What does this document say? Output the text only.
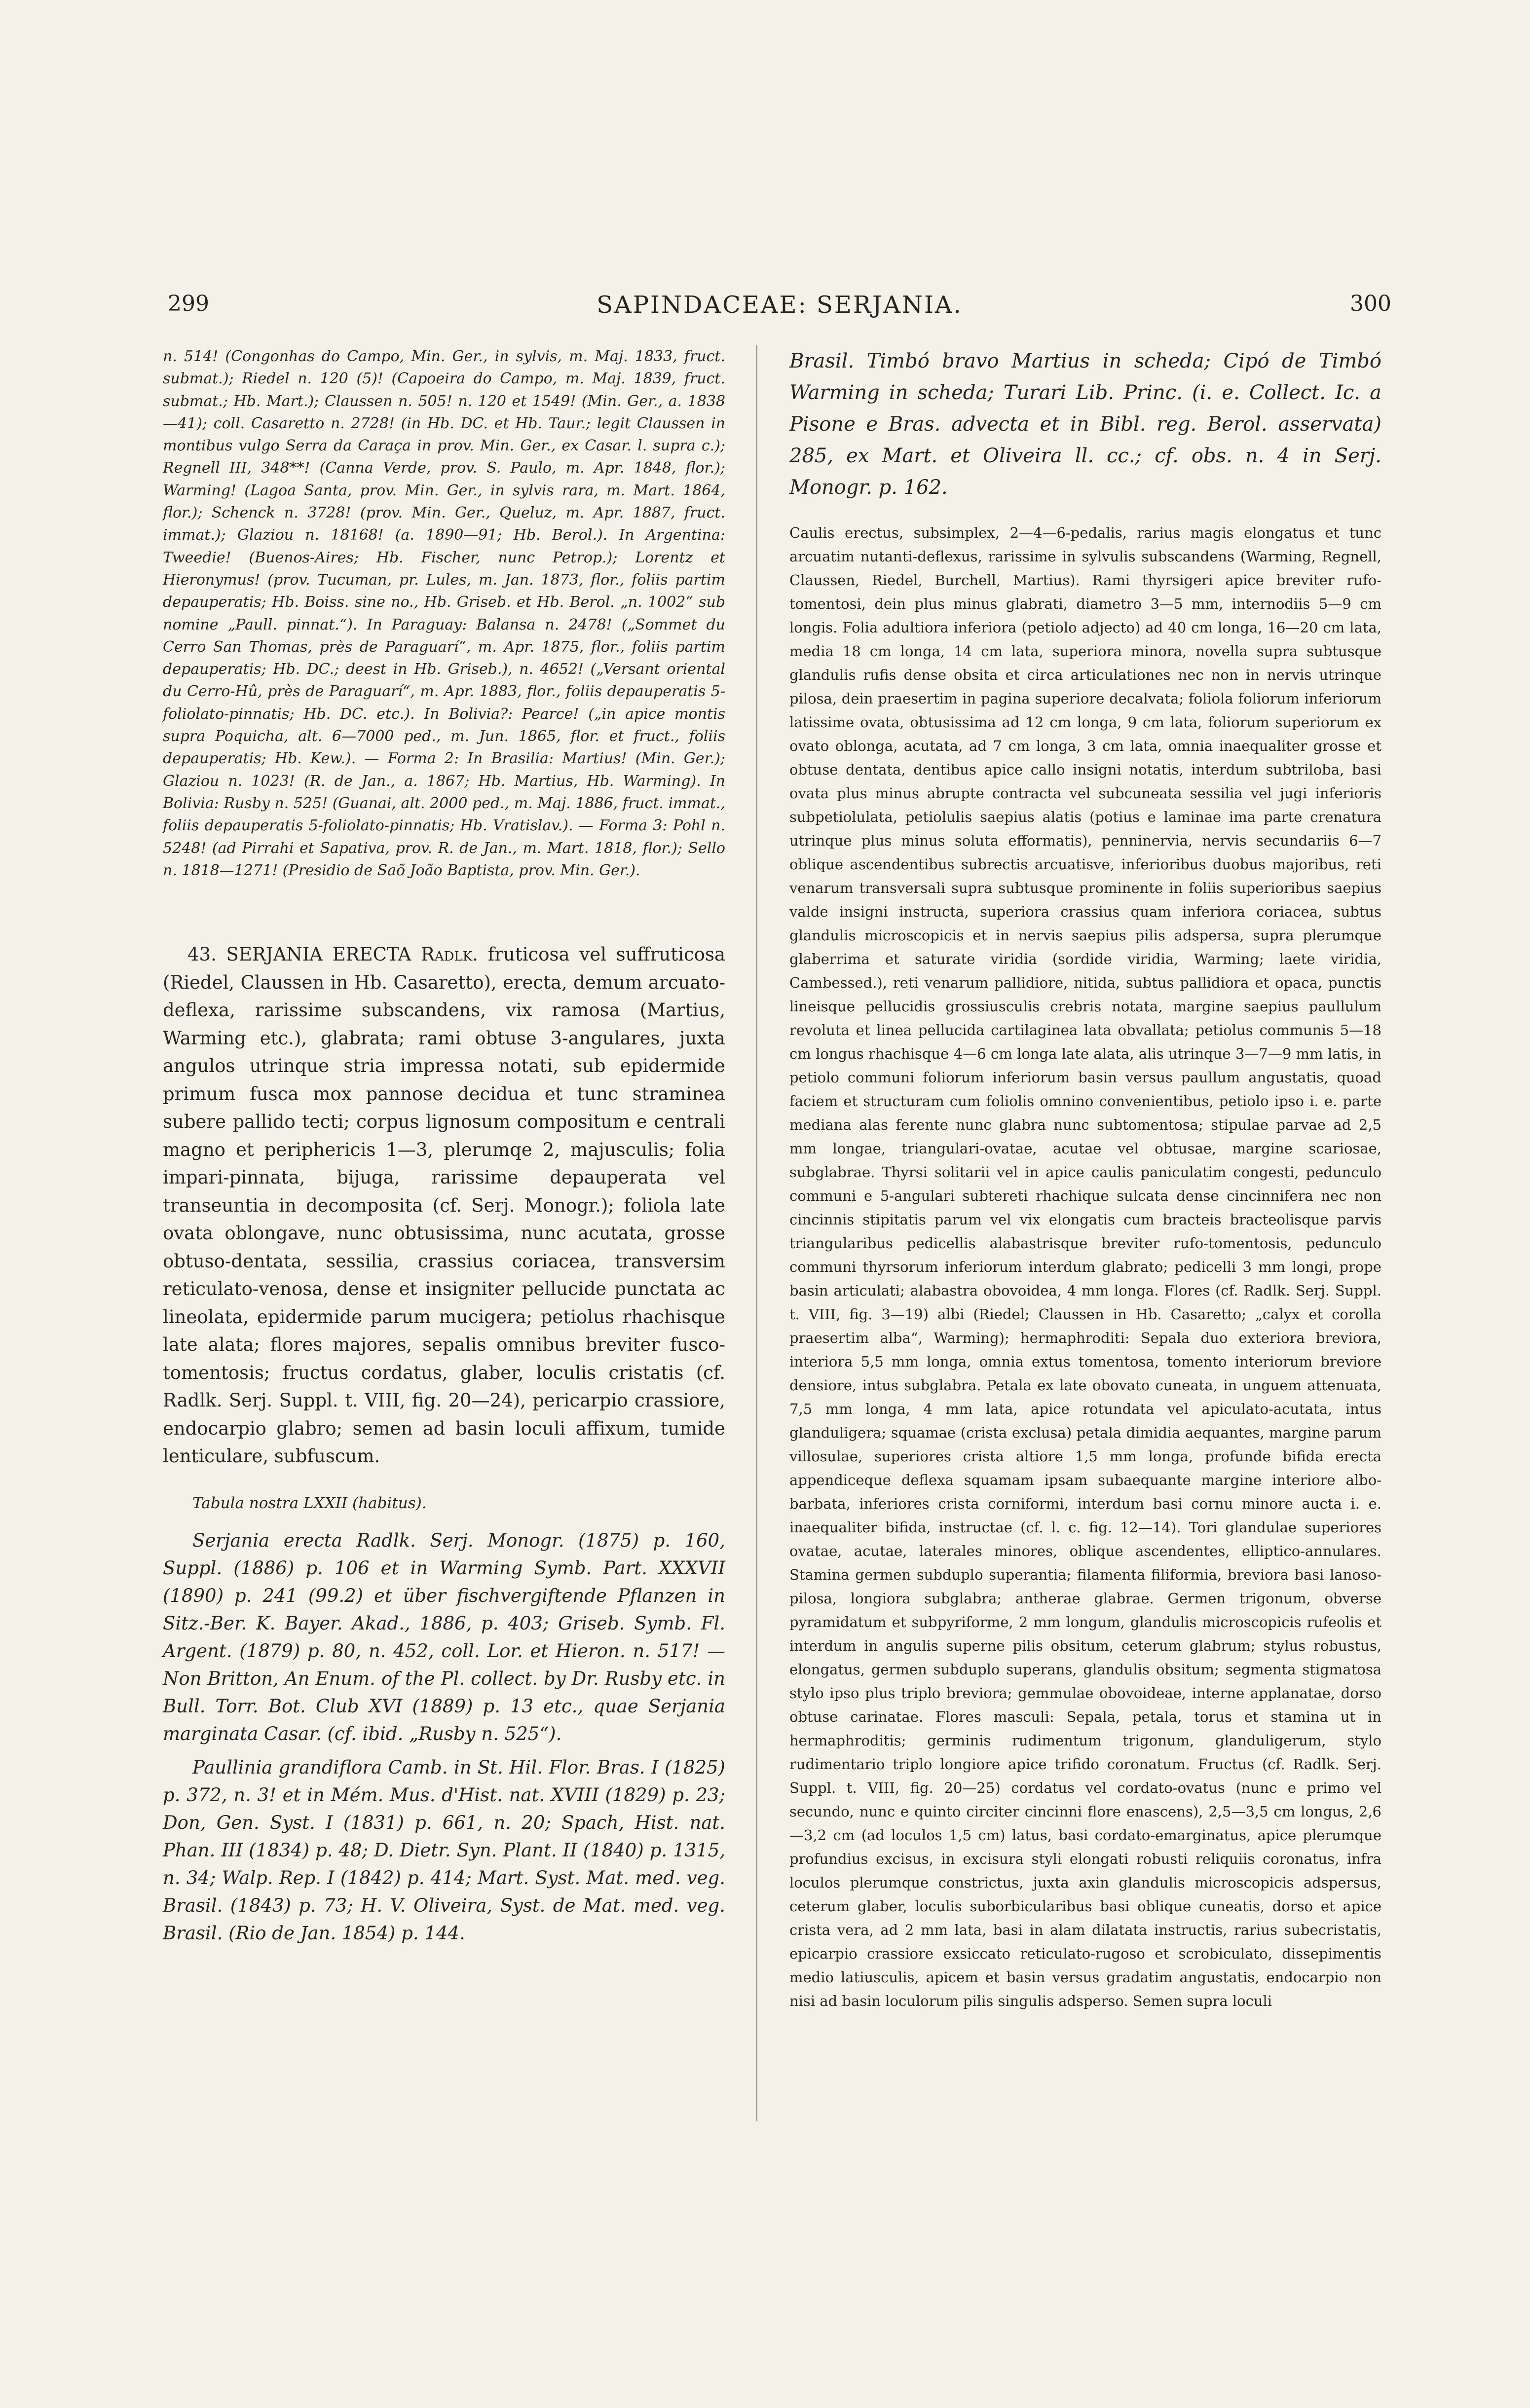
299	SAPINDACEAE: SERJANIA.	300

n. 514! (Congonhas do Campo, Min. Ger., in sylvis, m. Maj. 1833, fruct. submat.); Riedel n. 120 (5)! (Capoeira do Campo, m. Maj. 1839, fruct. submat.; Hb. Mart.); Claussen n. 505! n. 120 et 1549! (Min. Ger., a. 1838—41); coll. Casaretto n. 2728! (in Hb. DC. et Hb. Taur.; legit Claussen in montibus vulgo Serra da Caraça in prov. Min. Ger., ex Casar. l. supra c.); Regnell III, 348**! (Canna Verde, prov. S. Paulo, m. Apr. 1848, flor.); Warming! (Lagoa Santa, prov. Min. Ger., in sylvis rara, m. Mart. 1864, flor.); Schenck n. 3728! (prov. Min. Ger., Queluz, m. Apr. 1887, fruct. immat.); Glaziou n. 18168! (a. 1890—91; Hb. Berol.). In Argentina: Tweedie! (Buenos-Aires; Hb. Fischer, nunc Petrop.); Lorentz et Hieronymus! (prov. Tucuman, pr. Lules, m. Jan. 1873, flor., foliis partim depauperatis; Hb. Boiss. sine no., Hb. Griseb. et Hb. Berol. „n. 1002“ sub nomine „Paull. pinnat.“). In Paraguay: Balansa n. 2478! („Sommet du Cerro San Thomas, près de Paraguarí“, m. Apr. 1875, flor., foliis partim depauperatis; Hb. DC.; deest in Hb. Griseb.), n. 4652! („Versant oriental du Cerro-Hû, près de Paraguarí“, m. Apr. 1883, flor., foliis depauperatis 5-foliolato-pinnatis; Hb. DC. etc.). In Bolivia?: Pearce! („in apice montis supra Poquicha, alt. 6—7000 ped., m. Jun. 1865, flor. et fruct., foliis depauperatis; Hb. Kew.). — Forma 2: In Brasilia: Martius! (Min. Ger.); Glaziou n. 1023! (R. de Jan., a. 1867; Hb. Martius, Hb. Warming). In Bolivia: Rusby n. 525! (Guanai, alt. 2000 ped., m. Maj. 1886, fruct. immat., foliis depauperatis 5-foliolato-pinnatis; Hb. Vratislav.). — Forma 3: Pohl n. 5248! (ad Pirrahi et Sapativa, prov. R. de Jan., m. Mart. 1818, flor.); Sello n. 1818—1271! (Presidio de Saõ João Baptista, prov. Min. Ger.).

43. SERJANIA ERECTA Radlk. fruticosa vel suffruticosa (Riedel, Claussen in Hb. Casaretto), erecta, demum arcuato-deflexa, rarissime subscandens, vix ramosa (Martius, Warming etc.), glabrata; rami obtuse 3-angulares, juxta angulos utrinque stria impressa notati, sub epidermide primum fusca mox pannose decidua et tunc straminea subere pallido tecti; corpus lignosum compositum e centrali magno et periphericis 1—3, plerumqe 2, majusculis; folia impari-pinnata, bijuga, rarissime depauperata vel transeuntia in decomposita (cf. Serj. Monogr.); foliola late ovata oblongave, nunc obtusissima, nunc acutata, grosse obtuso-dentata, sessilia, crassius coriacea, transversim reticulato-venosa, dense et insigniter pellucide punctata ac lineolata, epidermide parum mucigera; petiolus rhachisque late alata; flores majores, sepalis omnibus breviter fusco-tomentosis; fructus cordatus, glaber, loculis cristatis (cf. Radlk. Serj. Suppl. t. VIII, fig. 20—24), pericarpio crassiore, endocarpio glabro; semen ad basin loculi affixum, tumide lenticulare, subfuscum.

Tabula nostra LXXII (habitus).

Serjania erecta Radlk. Serj. Monogr. (1875) p. 160, Suppl. (1886) p. 106 et in Warming Symb. Part. XXXVII (1890) p. 241 (99.2) et über fischvergiftende Pflanzen in Sitz.-Ber. K. Bayer. Akad., 1886, p. 403; Griseb. Symb. Fl. Argent. (1879) p. 80, n. 452, coll. Lor. et Hieron. n. 517! — Non Britton, An Enum. of the Pl. collect. by Dr. Rusby etc. in Bull. Torr. Bot. Club XVI (1889) p. 13 etc., quae Serjania marginata Casar. (cf. ibid. „Rusby n. 525“).

Paullinia grandiflora Camb. in St. Hil. Flor. Bras. I (1825) p. 372, n. 3! et in Mém. Mus. d'Hist. nat. XVIII (1829) p. 23; Don, Gen. Syst. I (1831) p. 661, n. 20; Spach, Hist. nat. Phan. III (1834) p. 48; D. Dietr. Syn. Plant. II (1840) p. 1315, n. 34; Walp. Rep. I (1842) p. 414; Mart. Syst. Mat. med. veg. Brasil. (1843) p. 73; H. V. Oliveira, Syst. de Mat. med. veg. Brasil. (Rio de Jan. 1854) p. 144.

Brasil. Timbó bravo Martius in scheda; Cipó de Timbó Warming in scheda; Turari Lib. Princ. (i. e. Collect. Ic. a Pisone e Bras. advecta et in Bibl. reg. Berol. asservata) 285, ex Mart. et Oliveira ll. cc.; cf. obs. n. 4 in Serj. Monogr. p. 162.

Caulis erectus, subsimplex, 2—4—6-pedalis, rarius magis elongatus et tunc arcuatim nutanti-deflexus, rarissime in sylvulis subscandens (Warming, Regnell, Claussen, Riedel, Burchell, Martius). Rami thyrsigeri apice breviter rufo-tomentosi, dein plus minus glabrati, diametro 3—5 mm, internodiis 5—9 cm longis. Folia adultiora inferiora (petiolo adjecto) ad 40 cm longa, 16—20 cm lata, media 18 cm longa, 14 cm lata, superiora minora, novella supra subtusque glandulis rufis dense obsita et circa articulationes nec non in nervis utrinque pilosa, dein praesertim in pagina superiore decalvata; foliola foliorum inferiorum latissime ovata, obtusissima ad 12 cm longa, 9 cm lata, foliorum superiorum ex ovato oblonga, acutata, ad 7 cm longa, 3 cm lata, omnia inaequaliter grosse et obtuse dentata, dentibus apice callo insigni notatis, interdum subtriloba, basi ovata plus minus abrupte contracta vel subcuneata sessilia vel jugi inferioris subpetiolulata, petiolulis saepius alatis (potius e laminae ima parte crenatura utrinque plus minus soluta efformatis), penninervia, nervis secundariis 6—7 oblique ascendentibus subrectis arcuatisve, inferioribus duobus majoribus, reti venarum transversali supra subtusque prominente in foliis superioribus saepius valde insigni instructa, superiora crassius quam inferiora coriacea, subtus glandulis microscopicis et in nervis saepius pilis adspersa, supra plerumque glaberrima et saturate viridia (sordide viridia, Warming; laete viridia, Cambessed.), reti venarum pallidiore, nitida, subtus pallidiora et opaca, punctis lineisque pellucidis grossiusculis crebris notata, margine saepius paullulum revoluta et linea pellucida cartilaginea lata obvallata; petiolus communis 5—18 cm longus rhachisque 4—6 cm longa late alata, alis utrinque 3—7—9 mm latis, in petiolo communi foliorum inferiorum basin versus paullum angustatis, quoad faciem et structuram cum foliolis omnino convenientibus, petiolo ipso i. e. parte mediana alas ferente nunc glabra nunc subtomentosa; stipulae parvae ad 2,5 mm longae, triangulari-ovatae, acutae vel obtusae, margine scariosae, subglabrae. Thyrsi solitarii vel in apice caulis paniculatim congesti, pedunculo communi e 5-angulari subtereti rhachique sulcata dense cincinnifera nec non cincinnis stipitatis parum vel vix elongatis cum bracteis bracteolisque parvis triangularibus pedicellis alabastrisque breviter rufo-tomentosis, pedunculo communi thyrsorum inferiorum interdum glabrato; pedicelli 3 mm longi, prope basin articulati; alabastra obovoidea, 4 mm longa. Flores (cf. Radlk. Serj. Suppl. t. VIII, fig. 3—19) albi (Riedel; Claussen in Hb. Casaretto; „calyx et corolla praesertim alba“, Warming); hermaphroditi: Sepala duo exteriora breviora, interiora 5,5 mm longa, omnia extus tomentosa, tomento interiorum breviore densiore, intus subglabra. Petala ex late obovato cuneata, in unguem attenuata, 7,5 mm longa, 4 mm lata, apice rotundata vel apiculato-acutata, intus glanduligera; squamae (crista exclusa) petala dimidia aequantes, margine parum villosulae, superiores crista altiore 1,5 mm longa, profunde bifida erecta appendiceque deflexa squamam ipsam subaequante margine interiore albo-barbata, inferiores crista corniformi, interdum basi cornu minore aucta i. e. inaequaliter bifida, instructae (cf. l. c. fig. 12—14). Tori glandulae superiores ovatae, acutae, laterales minores, oblique ascendentes, elliptico-annulares. Stamina germen subduplo superantia; filamenta filiformia, breviora basi lanoso-pilosa, longiora subglabra; antherae glabrae. Germen trigonum, obverse pyramidatum et subpyriforme, 2 mm longum, glandulis microscopicis rufeolis et interdum in angulis superne pilis obsitum, ceterum glabrum; stylus robustus, elongatus, germen subduplo superans, glandulis obsitum; segmenta stigmatosa stylo ipso plus triplo breviora; gemmulae obovoideae, interne applanatae, dorso obtuse carinatae. Flores masculi: Sepala, petala, torus et stamina ut in hermaphroditis; germinis rudimentum trigonum, glanduligerum, stylo rudimentario triplo longiore apice trifido coronatum. Fructus (cf. Radlk. Serj. Suppl. t. VIII, fig. 20—25) cordatus vel cordato-ovatus (nunc e primo vel secundo, nunc e quinto circiter cincinni flore enascens), 2,5—3,5 cm longus, 2,6—3,2 cm (ad loculos 1,5 cm) latus, basi cordato-emarginatus, apice plerumque profundius excisus, in excisura styli elongati robusti reliquiis coronatus, infra loculos plerumque constrictus, juxta axin glandulis microscopicis adspersus, ceterum glaber, loculis suborbicularibus basi oblique cuneatis, dorso et apice crista vera, ad 2 mm lata, basi in alam dilatata instructis, rarius subecristatis, epicarpio crassiore exsiccato reticulato-rugoso et scrobiculato, dissepimentis medio latiusculis, apicem et basin versus gradatim angustatis, endocarpio non nisi ad basin loculorum pilis singulis adsperso. Semen supra loculi
